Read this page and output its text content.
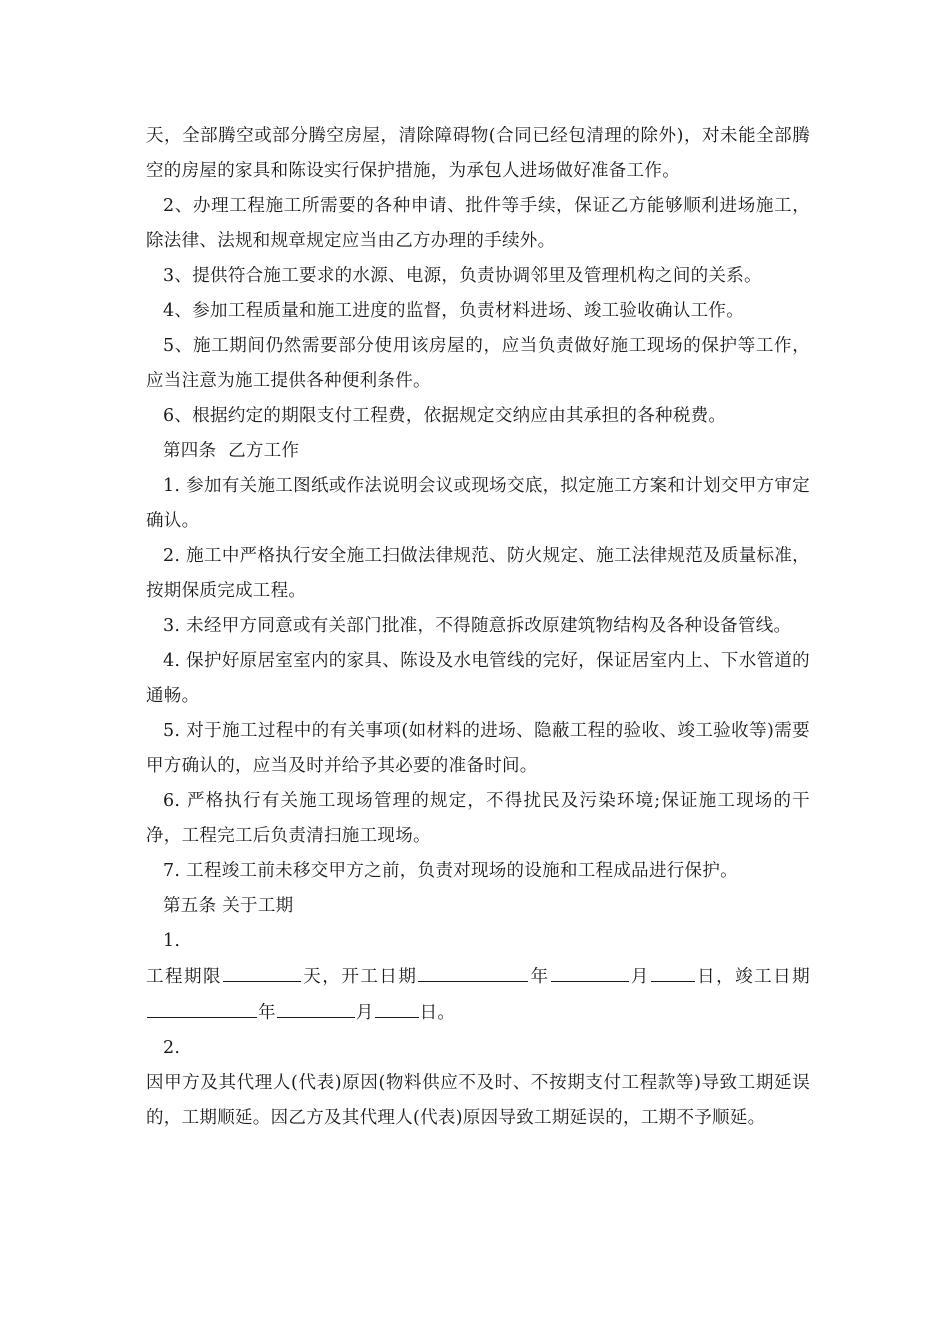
天，全部腾空或部分腾空房屋，清除障碍物(合同已经包清理的除外)，对未能全部腾空的房屋的家具和陈设实行保护措施，为承包人进场做好准备工作。

2、办理工程施工所需要的各种申请、批件等手续，保证乙方能够顺利进场施工，除法律、法规和规章规定应当由乙方办理的手续外。

3、提供符合施工要求的水源、电源，负责协调邻里及管理机构之间的关系。

4、参加工程质量和施工进度的监督，负责材料进场、竣工验收确认工作。

5、施工期间仍然需要部分使用该房屋的，应当负责做好施工现场的保护等工作，应当注意为施工提供各种便利条件。

6、根据约定的期限支付工程费，依据规定交纳应由其承担的各种税费。

第四条  乙方工作

1. 参加有关施工图纸或作法说明会议或现场交底，拟定施工方案和计划交甲方审定确认。

2. 施工中严格执行安全施工扫做法律规范、防火规定、施工法律规范及质量标准，按期保质完成工程。

3. 未经甲方同意或有关部门批准，不得随意拆改原建筑物结构及各种设备管线。

4. 保护好原居室室内的家具、陈设及水电管线的完好，保证居室内上、下水管道的通畅。

5. 对于施工过程中的有关事项(如材料的进场、隐蔽工程的验收、竣工验收等)需要甲方确认的，应当及时并给予其必要的准备时间。

6. 严格执行有关施工现场管理的规定，不得扰民及污染环境;保证施工现场的干净，工程完工后负责清扫施工现场。

7. 工程竣工前未移交甲方之前，负责对现场的设施和工程成品进行保护。

第五条 关于工期

1.

工程期限	天，开工日期	年	月	日，竣工日期年	月	日。

2.

因甲方及其代理人(代表)原因(物料供应不及时、不按期支付工程款等)导致工期延误的，工期顺延。因乙方及其代理人(代表)原因导致工期延误的，工期不予顺延。
